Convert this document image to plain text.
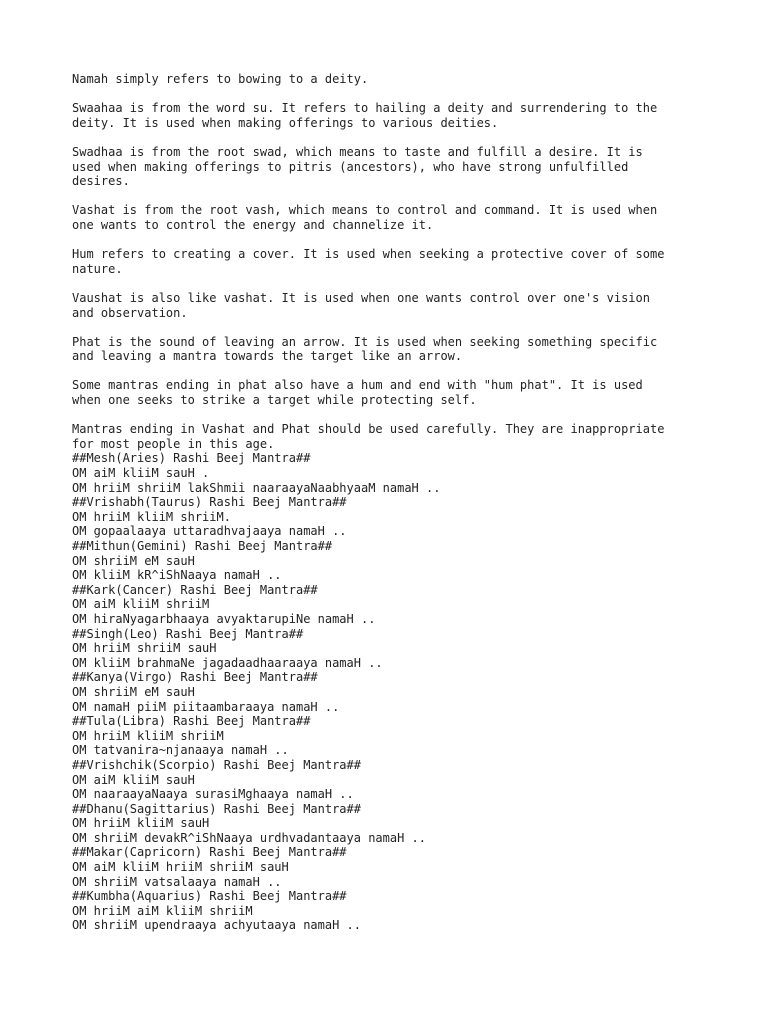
Namah simply refers to bowing to a deity.

Swaahaa is from the word su. It refers to hailing a deity and surrendering to the
deity. It is used when making offerings to various deities.

Swadhaa is from the root swad, which means to taste and fulfill a desire. It is
used when making offerings to pitris (ancestors), who have strong unfulfilled
desires.

Vashat is from the root vash, which means to control and command. It is used when
one wants to control the energy and channelize it.

Hum refers to creating a cover. It is used when seeking a protective cover of some
nature.

Vaushat is also like vashat. It is used when one wants control over one's vision
and observation.

Phat is the sound of leaving an arrow. It is used when seeking something specific
and leaving a mantra towards the target like an arrow.

Some mantras ending in phat also have a hum and end with "hum phat". It is used
when one seeks to strike a target while protecting self.

Mantras ending in Vashat and Phat should be used carefully. They are inappropriate
for most people in this age.

##Mesh(Aries) Rashi Beej Mantra##

OM aiM kliiM sauH .

OM hriiM shriiM lakShmii naaraayaNaabhyaaM namaH ..

##Vrishabh(Taurus) Rashi Beej Mantra##

OM hriiM kliiM shriiM.

OM gopaalaaya uttaradhvajaaya namaH ..

##Mithun(Gemini) Rashi Beej Mantra##

OM shriiM eM sauH

OM kliiM kR^iShNaaya namaH ..

##Kark(Cancer) Rashi Beej Mantra##

OM aiM kliiM shriiM

OM hiraNyagarbhaaya avyaktarupiNe namaH ..

##Singh(Leo) Rashi Beej Mantra##

OM hriiM shriiM sauH

OM kliiM brahmaNe jagadaadhaaraaya namaH ..

##Kanya(Virgo) Rashi Beej Mantra##

OM shriiM eM sauH

OM namaH piiM piitaambaraaya namaH ..

##Tula(Libra) Rashi Beej Mantra##

OM hriiM kliiM shriiM

OM tatvanira~njanaaya namaH ..

##Vrishchik(Scorpio) Rashi Beej Mantra##

OM aiM kliiM sauH

OM naaraayaNaaya surasiMghaaya namaH ..

##Dhanu(Sagittarius) Rashi Beej Mantra##

OM hriiM kliiM sauH

OM shriiM devakR^iShNaaya urdhvadantaaya namaH ..

##Makar(Capricorn) Rashi Beej Mantra##

OM aiM kliiM hriiM shriiM sauH

OM shriiM vatsalaaya namaH ..

##Kumbha(Aquarius) Rashi Beej Mantra##

OM hriiM aiM kliiM shriiM

OM shriiM upendraaya achyutaaya namaH ..
